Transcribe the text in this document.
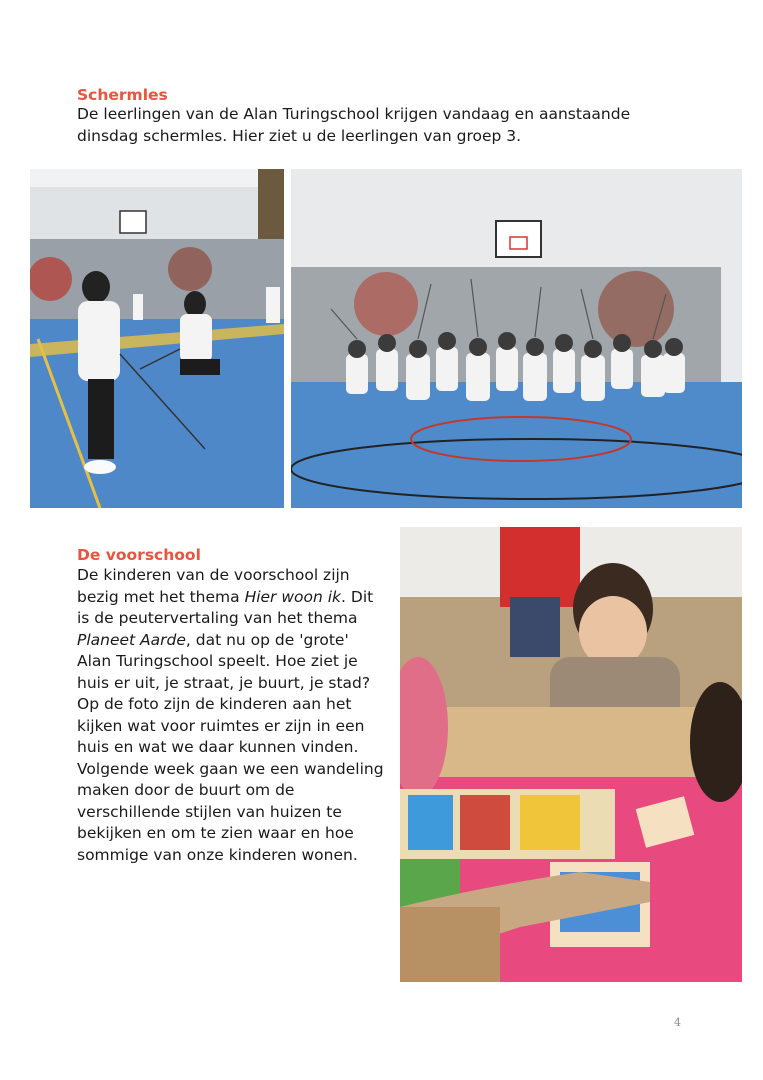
Schermles

De leerlingen van de Alan Turingschool krijgen vandaag en aanstaande
dinsdag schermles. Hier ziet u de leerlingen van groep 3.

De voorschool

De kinderen van de voorschool zijn bezig met het thema Hier woon ik. Dit is de peutervertaling van het thema Planeet Aarde, dat nu op de 'grote' Alan Turingschool speelt. Hoe ziet je huis er uit, je straat, je buurt, je stad? Op de foto zijn de kinderen aan het kijken wat voor ruimtes er zijn in een huis en wat we daar kunnen vinden. Volgende week gaan we een wandeling maken door de buurt om de verschillende stijlen van huizen te bekijken en om te zien waar en hoe sommige van onze kinderen wonen.

4
